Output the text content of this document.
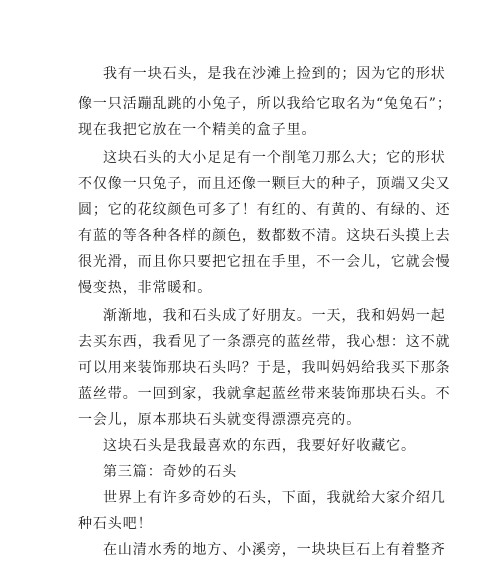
我有一块石头，是我在沙滩上捡到的；因为它的形状

像一只活蹦乱跳的小兔子，所以我给它取名为“兔兔石”；

现在我把它放在一个精美的盒子里。

这块石头的大小足足有一个削笔刀那么大；它的形状

不仅像一只兔子，而且还像一颗巨大的种子，顶端又尖又

圆；它的花纹颜色可多了！有红的、有黄的、有绿的、还

有蓝的等各种各样的颜色，数都数不清。这块石头摸上去

很光滑，而且你只要把它扭在手里，不一会儿，它就会慢

慢变热，非常暖和。

渐渐地，我和石头成了好朋友。一天，我和妈妈一起

去买东西，我看见了一条漂亮的蓝丝带，我心想：这不就

可以用来装饰那块石头吗？于是，我叫妈妈给我买下那条

蓝丝带。一回到家，我就拿起蓝丝带来装饰那块石头。不

一会儿，原本那块石头就变得漂漂亮亮的。

这块石头是我最喜欢的东西，我要好好收藏它。

第三篇：奇妙的石头

世界上有许多奇妙的石头，下面，我就给大家介绍几

种石头吧！

在山清水秀的地方、小溪旁，一块块巨石上有着整齐
